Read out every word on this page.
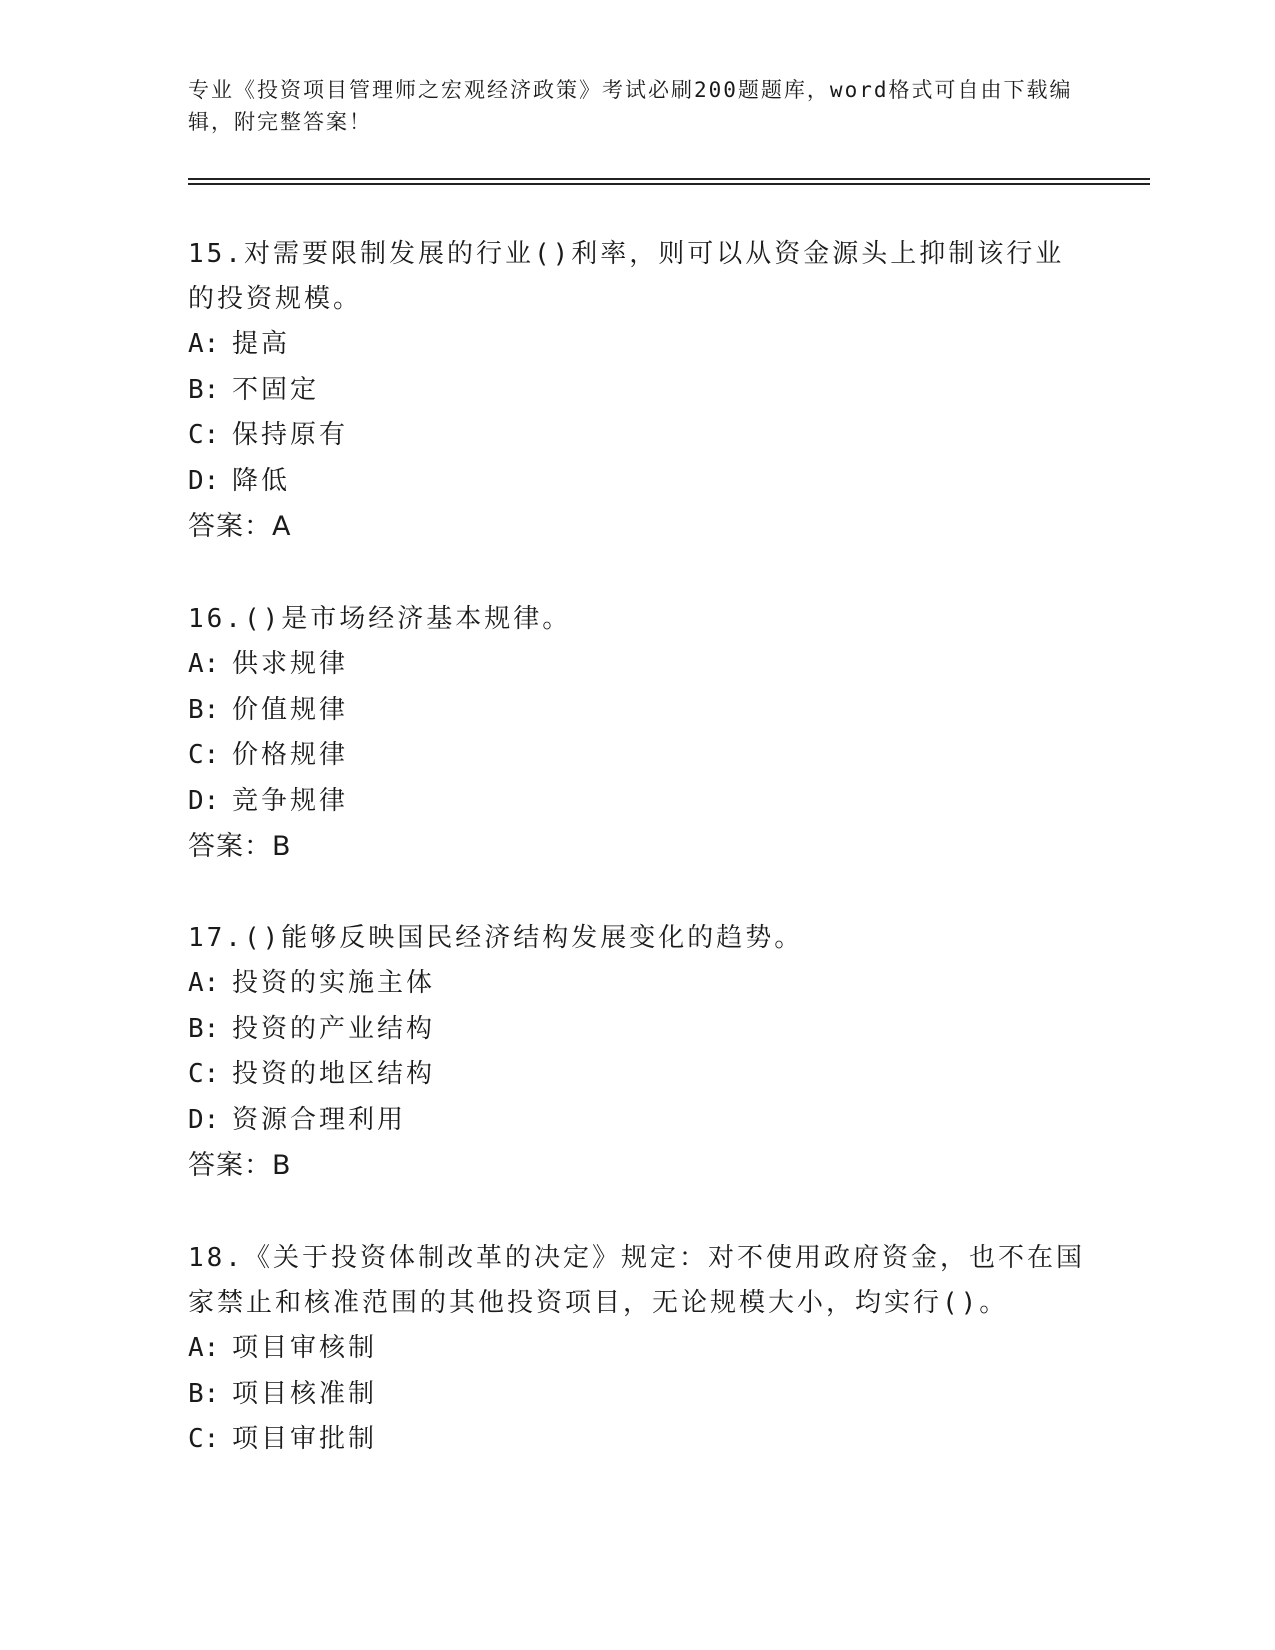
专业《投资项目管理师之宏观经济政策》考试必刷200题题库，word格式可自由下载编辑，附完整答案！
15.对需要限制发展的行业()利率，则可以从资金源头上抑制该行业的投资规模。
A: 提高
B: 不固定
C: 保持原有
D: 降低
答案：A
16.()是市场经济基本规律。
A: 供求规律
B: 价值规律
C: 价格规律
D: 竞争规律
答案：B
17.()能够反映国民经济结构发展变化的趋势。
A: 投资的实施主体
B: 投资的产业结构
C: 投资的地区结构
D: 资源合理利用
答案：B
18.《关于投资体制改革的决定》规定：对不使用政府资金，也不在国家禁止和核准范围的其他投资项目，无论规模大小，均实行()。
A: 项目审核制
B: 项目核准制
C: 项目审批制
